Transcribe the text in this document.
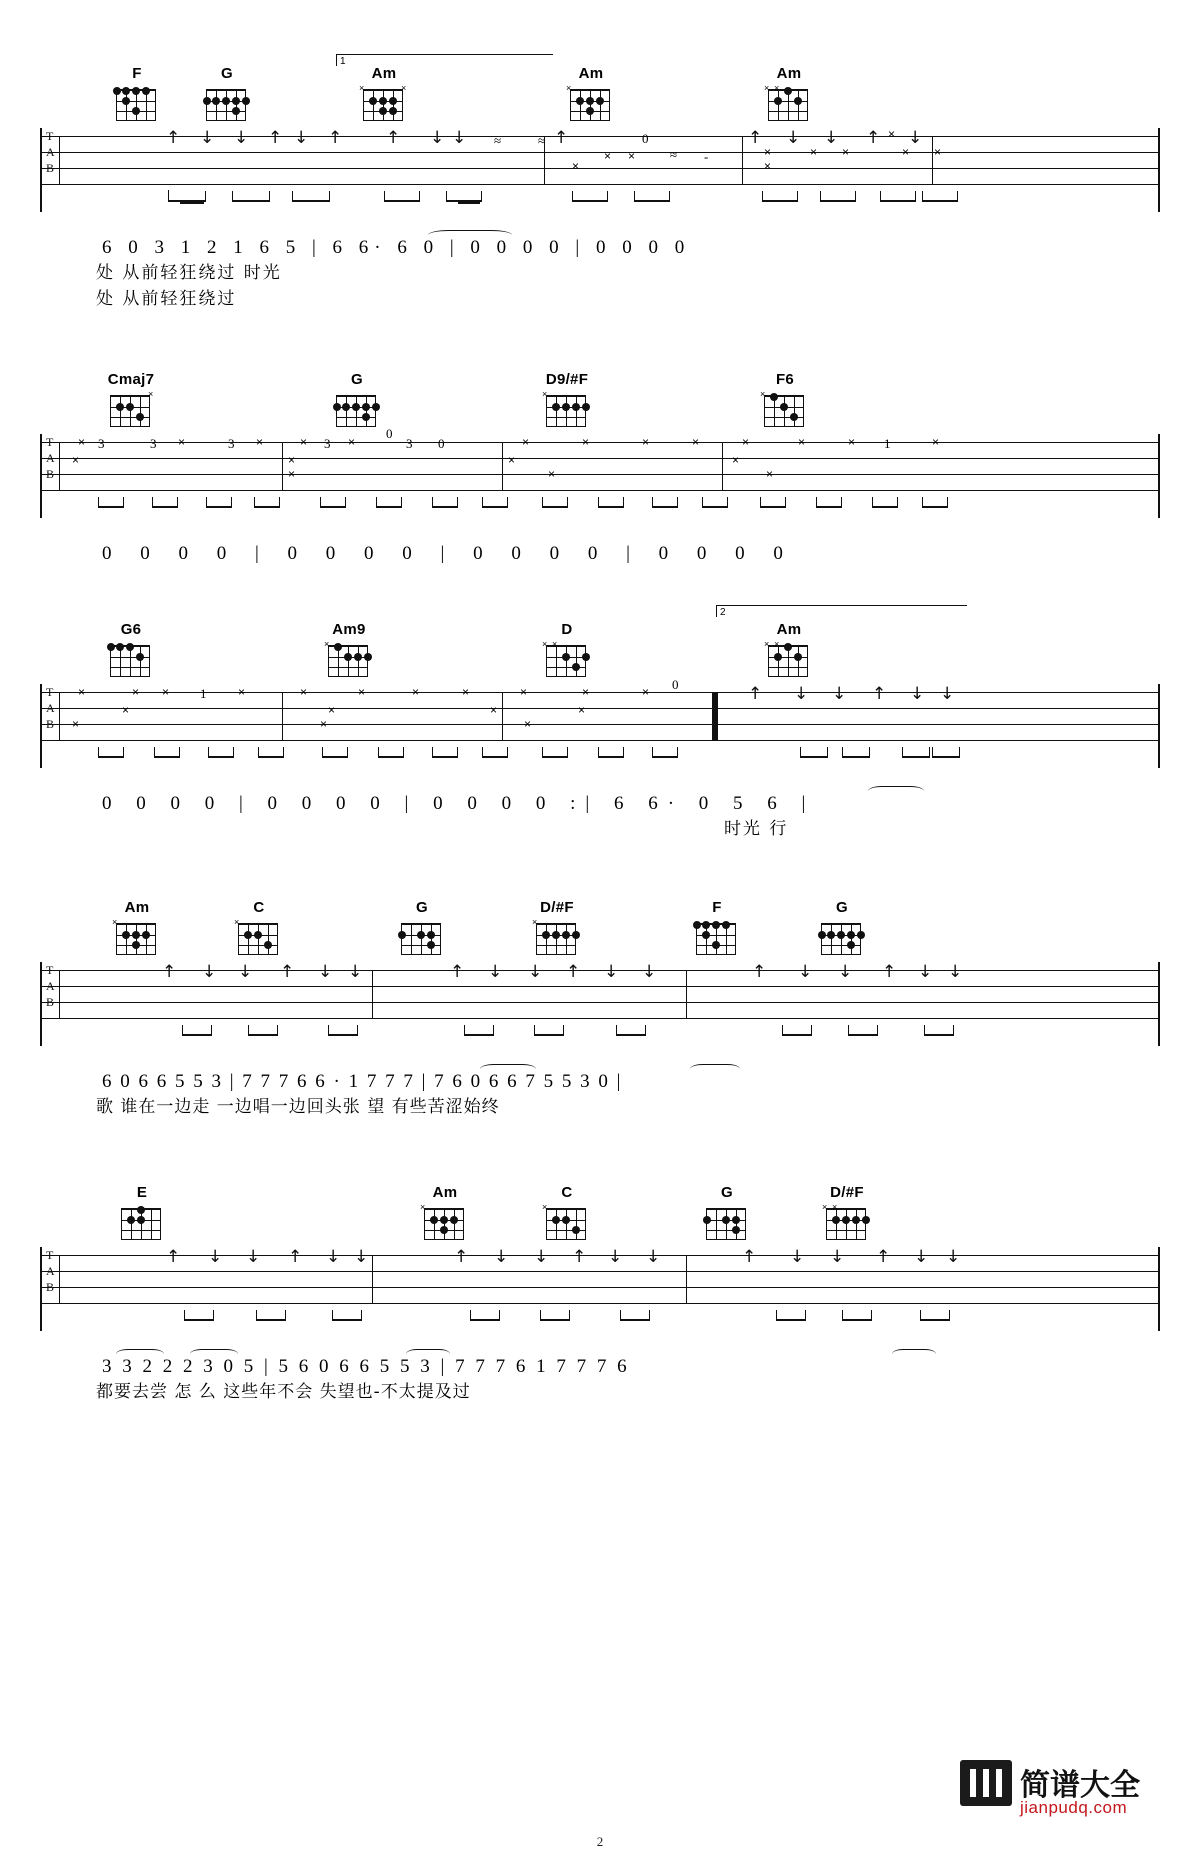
1
F	G	Am
×	×
Am
×
Am
× ×
T
A
B
↑ ↓ ↓ ↑ ↓ ↑	↑ ↓ ↓ ≈	≈
≈
↑	↑ ↓ ↓ ↑ ↓
0
-
×
× ×
×
×
×
× ×	× ×
6 0 3 1 2 1 6 5 | 6 6· 6 0 | 0 0 0 0 | 0 0 0 0
处 从前轻狂绕过 时光
处 从前轻狂绕过
Cmaj7
×
G	D9/#F
×
F6
×
T
A
B
× 3	3 ×	3 ×
×
× 3 ×
0
3 0
×
×
×	×	×	×
×
×
×	×	× 1	×
×
×
0 0 0 0 | 0 0 0 0 | 0 0 0 0 | 0 0 0 0
2
G6	Am9
×
D
× ×
Am
× ×
T
A
B
×	× × 1	×
×
×
×	×	×	×
×	×
×
×	×	× 0
×
×
↑ ↓ ↓ ↑ ↓ ↓
0 0 0 0 | 0 0 0 0 | 0 0 0 0 :| 6 6· 0 5 6 |
时光 行
Am
×
C
×
G	D/#F
×
F	G
T
A
B
↑ ↓ ↓ ↑ ↓ ↓	↑ ↓ ↓ ↑ ↓ ↓	↑ ↓ ↓ ↑ ↓ ↓
6 0 6 6 5 5 3 | 7 7 7 6 6 · 1 7 7 7 | 7 6 0 6 6 7 5 5 3 0 |
歌 谁在一边走 一边唱一边回头张 望 有些苦涩始终
E	Am
×
C
×
G	D/#F
× ×
T
A
B
↑ ↓ ↓ ↑ ↓ ↓	↑ ↓ ↓ ↑ ↓ ↓	↑ ↓ ↓ ↑ ↓ ↓
3 3 2 2 2 3 0 5 | 5 6 0 6 6 5 5 3 | 7 7 7 6 1 7 7 7 6
都要去尝 怎 么 这些年不会 失望也-不太提及过
简谱大全
jianpudq.com
2
